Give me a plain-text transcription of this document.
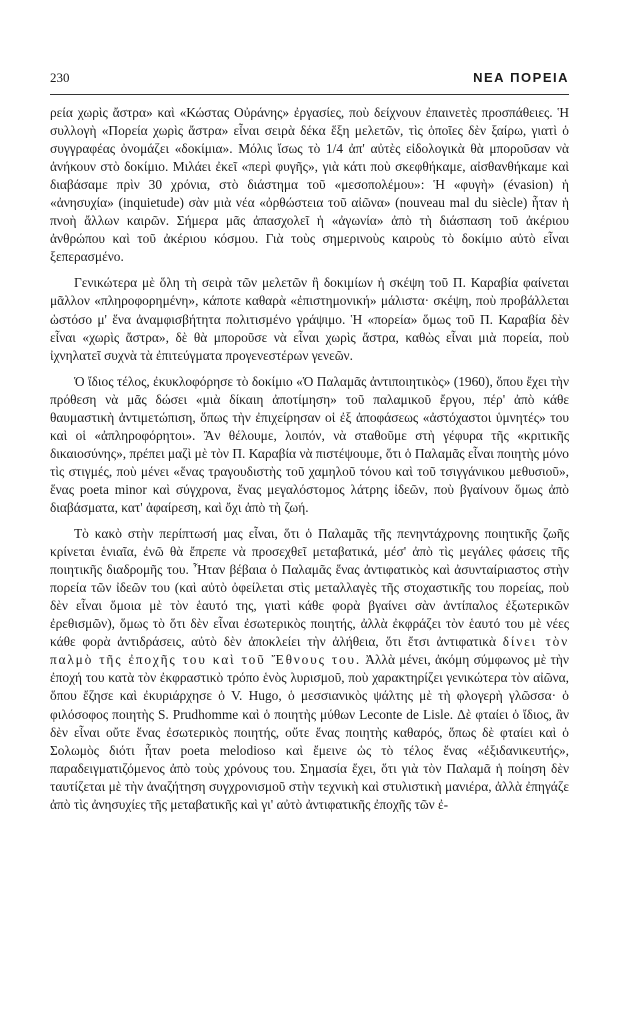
230	ΝΕΑ ΠΟΡΕΙΑ

ρεία χωρὶς ἄστρα» καὶ «Κώστας Οὐράνης» ἐργασίες, ποὺ δείχνουν ἐπαινετὲς προσπάθειες. Ἡ συλλογὴ «Πορεία χωρὶς ἄστρα» εἶναι σειρὰ δέκα ἕξη μελετῶν, τὶς ὁποῖες δὲν ξαίρω, γιατὶ ὁ συγγραφέας ὀνομάζει «δοκίμια». Μόλις ἴσως τὸ 1/4 ἀπ' αὐτὲς εἰδολογικὰ θὰ μποροῦσαν νὰ ἀνήκουν στὸ δοκίμιο. Μιλάει ἐκεῖ «περὶ φυγῆς», γιὰ κάτι ποὺ σκεφθήκαμε, αἰσθανθήκαμε καὶ διαβάσαμε πρὶν 30 χρόνια, στὸ διάστημα τοῦ «μεσοπολέμου»: Ἡ «φυγὴ» (évasion) ἡ «ἀνησυχία» (inquietude) σὰν μιὰ νέα «ὀρθώστεια τοῦ αἰῶνα» (nouveau mal du siècle) ἦταν ἡ πνοὴ ἄλλων καιρῶν. Σήμερα μᾶς ἀπασχολεῖ ἡ «ἀγωνία» ἀπὸ τὴ διάσπαση τοῦ ἀκέριου ἀνθρώπου καὶ τοῦ ἀκέριου κόσμου. Γιὰ τοὺς σημερινοὺς καιροὺς τὸ δοκίμιο αὐτὸ εἶναι ξεπερασμένο.

Γενικώτερα μὲ ὅλη τὴ σειρὰ τῶν μελετῶν ἢ δοκιμίων ἡ σκέψη τοῦ Π. Καραβία φαίνεται μᾶλλον «πληροφορημένη», κάποτε καθαρὰ «ἐπιστημονική» μάλιστα· σκέψη, ποὺ προβάλλεται ὡστόσο μ' ἕνα ἀναμφισβήτητα πολιτισμένο γράψιμο. Ἡ «πορεία» ὅμως τοῦ Π. Καραβία δὲν εἶναι «χωρὶς ἄστρα», δὲ θὰ μποροῦσε νὰ εἶναι χωρὶς ἄστρα, καθὼς εἶναι μιὰ πορεία, ποὺ ἰχνηλατεῖ συχνὰ τὰ ἐπιτεύγματα προγενεστέρων γενεῶν.

Ὁ ἴδιος τέλος, ἐκυκλοφόρησε τὸ δοκίμιο «Ὁ Παλαμᾶς ἀντιποιητικὸς» (1960), ὅπου ἔχει τὴν πρόθεση νὰ μᾶς δώσει «μιὰ δίκαιη ἀποτίμηση» τοῦ παλαμικοῦ ἔργου, πέρ' ἀπὸ κάθε θαυμαστικὴ ἀντιμετώπιση, ὅπως τὴν ἐπιχείρησαν οἱ ἐξ ἀποφάσεως «ἀστόχαστοι ὑμνητές» του καὶ οἱ «ἀπληροφόρητοι». Ἂν θέλουμε, λοιπόν, νὰ σταθοῦμε στὴ γέφυρα τῆς «κριτικῆς δικαιοσύνης», πρέπει μαζὶ μὲ τὸν Π. Καραβία νὰ πιστέψουμε, ὅτι ὁ Παλαμᾶς εἶναι ποιητὴς μόνο τὶς στιγμές, ποὺ μένει «ἕνας τραγουδιστὴς τοῦ χαμηλοῦ τόνου καὶ τοῦ τσιγγάνικου μεθυσιοῦ», ἕνας poeta minor καὶ σύγχρονα, ἕνας μεγαλόστομος λάτρης ἰδεῶν, ποὺ βγαίνουν ὅμως ἀπὸ διαβάσματα, κατ' ἀφαίρεση, καὶ ὄχι ἀπὸ τὴ ζωή.

Τὸ κακὸ στὴν περίπτωσή μας εἶναι, ὅτι ὁ Παλαμᾶς τῆς πενηντάχρονης ποιητικῆς ζωῆς κρίνεται ἑνιαῖα, ἐνῶ θὰ ἔπρεπε νὰ προσεχθεῖ μεταβατικά, μέσ' ἀπὸ τὶς μεγάλες φάσεις τῆς ποιητικῆς διαδρομῆς του. Ἦταν βέβαια ὁ Παλαμᾶς ἕνας ἀντιφατικὸς καὶ ἀσυνταίριαστος στὴν πορεία τῶν ἰδεῶν του (καὶ αὐτὸ ὀφείλεται στὶς μεταλλαγὲς τῆς στοχαστικῆς του πορείας, ποὺ δὲν εἶναι ὅμοια μὲ τὸν ἑαυτό της, γιατὶ κάθε φορὰ βγαίνει σὰν ἀντίπαλος ἐξωτερικῶν ἐρεθισμῶν), ὅμως τὸ ὅτι δὲν εἶναι ἐσωτερικὸς ποιητής, ἀλλὰ ἐκφράζει τὸν ἑαυτό του μὲ νέες κάθε φορὰ ἀντιδράσεις, αὐτὸ δὲν ἀποκλείει τὴν ἀλήθεια, ὅτι ἔτσι ἀντιφατικὰ δίνει τὸν παλμὸ τῆς ἐποχῆς του καὶ τοῦ Ἔθνους του. Ἀλλὰ μένει, ἀκόμη σύμφωνος μὲ τὴν ἐποχή του κατὰ τὸν ἐκφραστικὸ τρόπο ἑνὸς λυρισμοῦ, ποὺ χαρακτηρίζει γενικώτερα τὸν αἰῶνα, ὅπου ἔζησε καὶ ἐκυριάρχησε ὁ V. Hugo, ὁ μεσσιανικὸς ψάλτης μὲ τὴ φλογερὴ γλῶσσα· ὁ φιλόσοφος ποιητὴς S. Prudhomme καὶ ὁ ποιητὴς μύθων Leconte de Lisle. Δὲ φταίει ὁ ἴδιος, ἂν δὲν εἶναι οὔτε ἕνας ἐσωτερικὸς ποιητής, οὔτε ἕνας ποιητὴς καθαρός, ὅπως δὲ φταίει καὶ ὁ Σολωμὸς διότι ἦταν poeta melodioso καὶ ἔμεινε ὡς τὸ τέλος ἕνας «ἐξιδανικευτής», παραδειγματιζόμενος ἀπὸ τοὺς χρόνους του. Σημασία ἔχει, ὅτι γιὰ τὸν Παλαμᾶ ἡ ποίηση δὲν ταυτίζεται μὲ τὴν ἀναζήτηση συγχρονισμοῦ στὴν τεχνικὴ καὶ στυλιστικὴ μανιέρα, ἀλλὰ ἐπηγάζε ἀπὸ τὶς ἀνησυχίες τῆς μεταβατικῆς καὶ γι' αὐτὸ ἀντιφατικῆς ἐποχῆς τῶν ἐ-
